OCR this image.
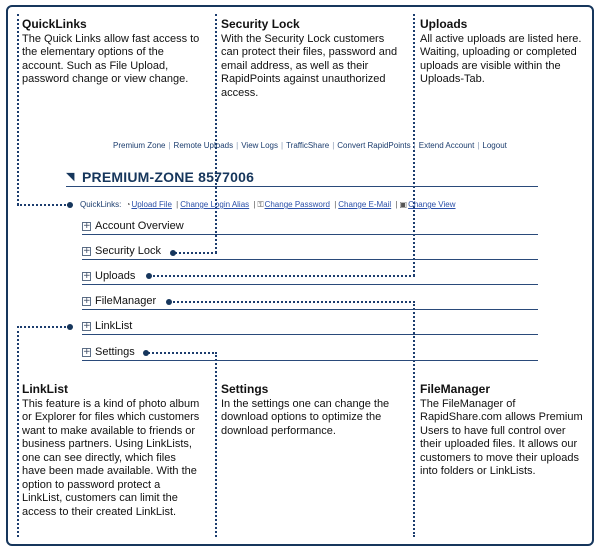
QuickLinks
The Quick Links allow fast access to the elementary options of the account. Such as File Upload, password change or view change.
Security Lock
With the Security Lock customers can protect their files, password and email address, as well as their RapidPoints against unauthorized access.
Uploads
All active uploads are listed here. Waiting, uploading or completed uploads are visible within the Uploads-Tab.
LinkList
This feature is a kind of photo album or Explorer for files which customers want to make available to friends or business partners. Using LinkLists, one can see directly, which files have been made available. With the option to password protect a LinkList, customers can limit the access to their created LinkList.
Settings
In the settings one can change the download options to optimize the download performance.
FileManager
The FileManager of RapidShare.com allows Premium Users to have full control over their uploaded files. It allows our customers to move their uploads into folders or LinkLists.
Premium Zone | Remote Uploads | View Logs | TrafficShare | Convert RapidPoints | Extend Account | Logout
◥ PREMIUM-ZONE 8577006
QuickLinks: ◔Upload File | Change Login Alias | ⚿Change Password | Change E-Mail | ▣Change View
+ Account Overview
+ Security Lock
+ Uploads
+ FileManager
+ LinkList
+ Settings
